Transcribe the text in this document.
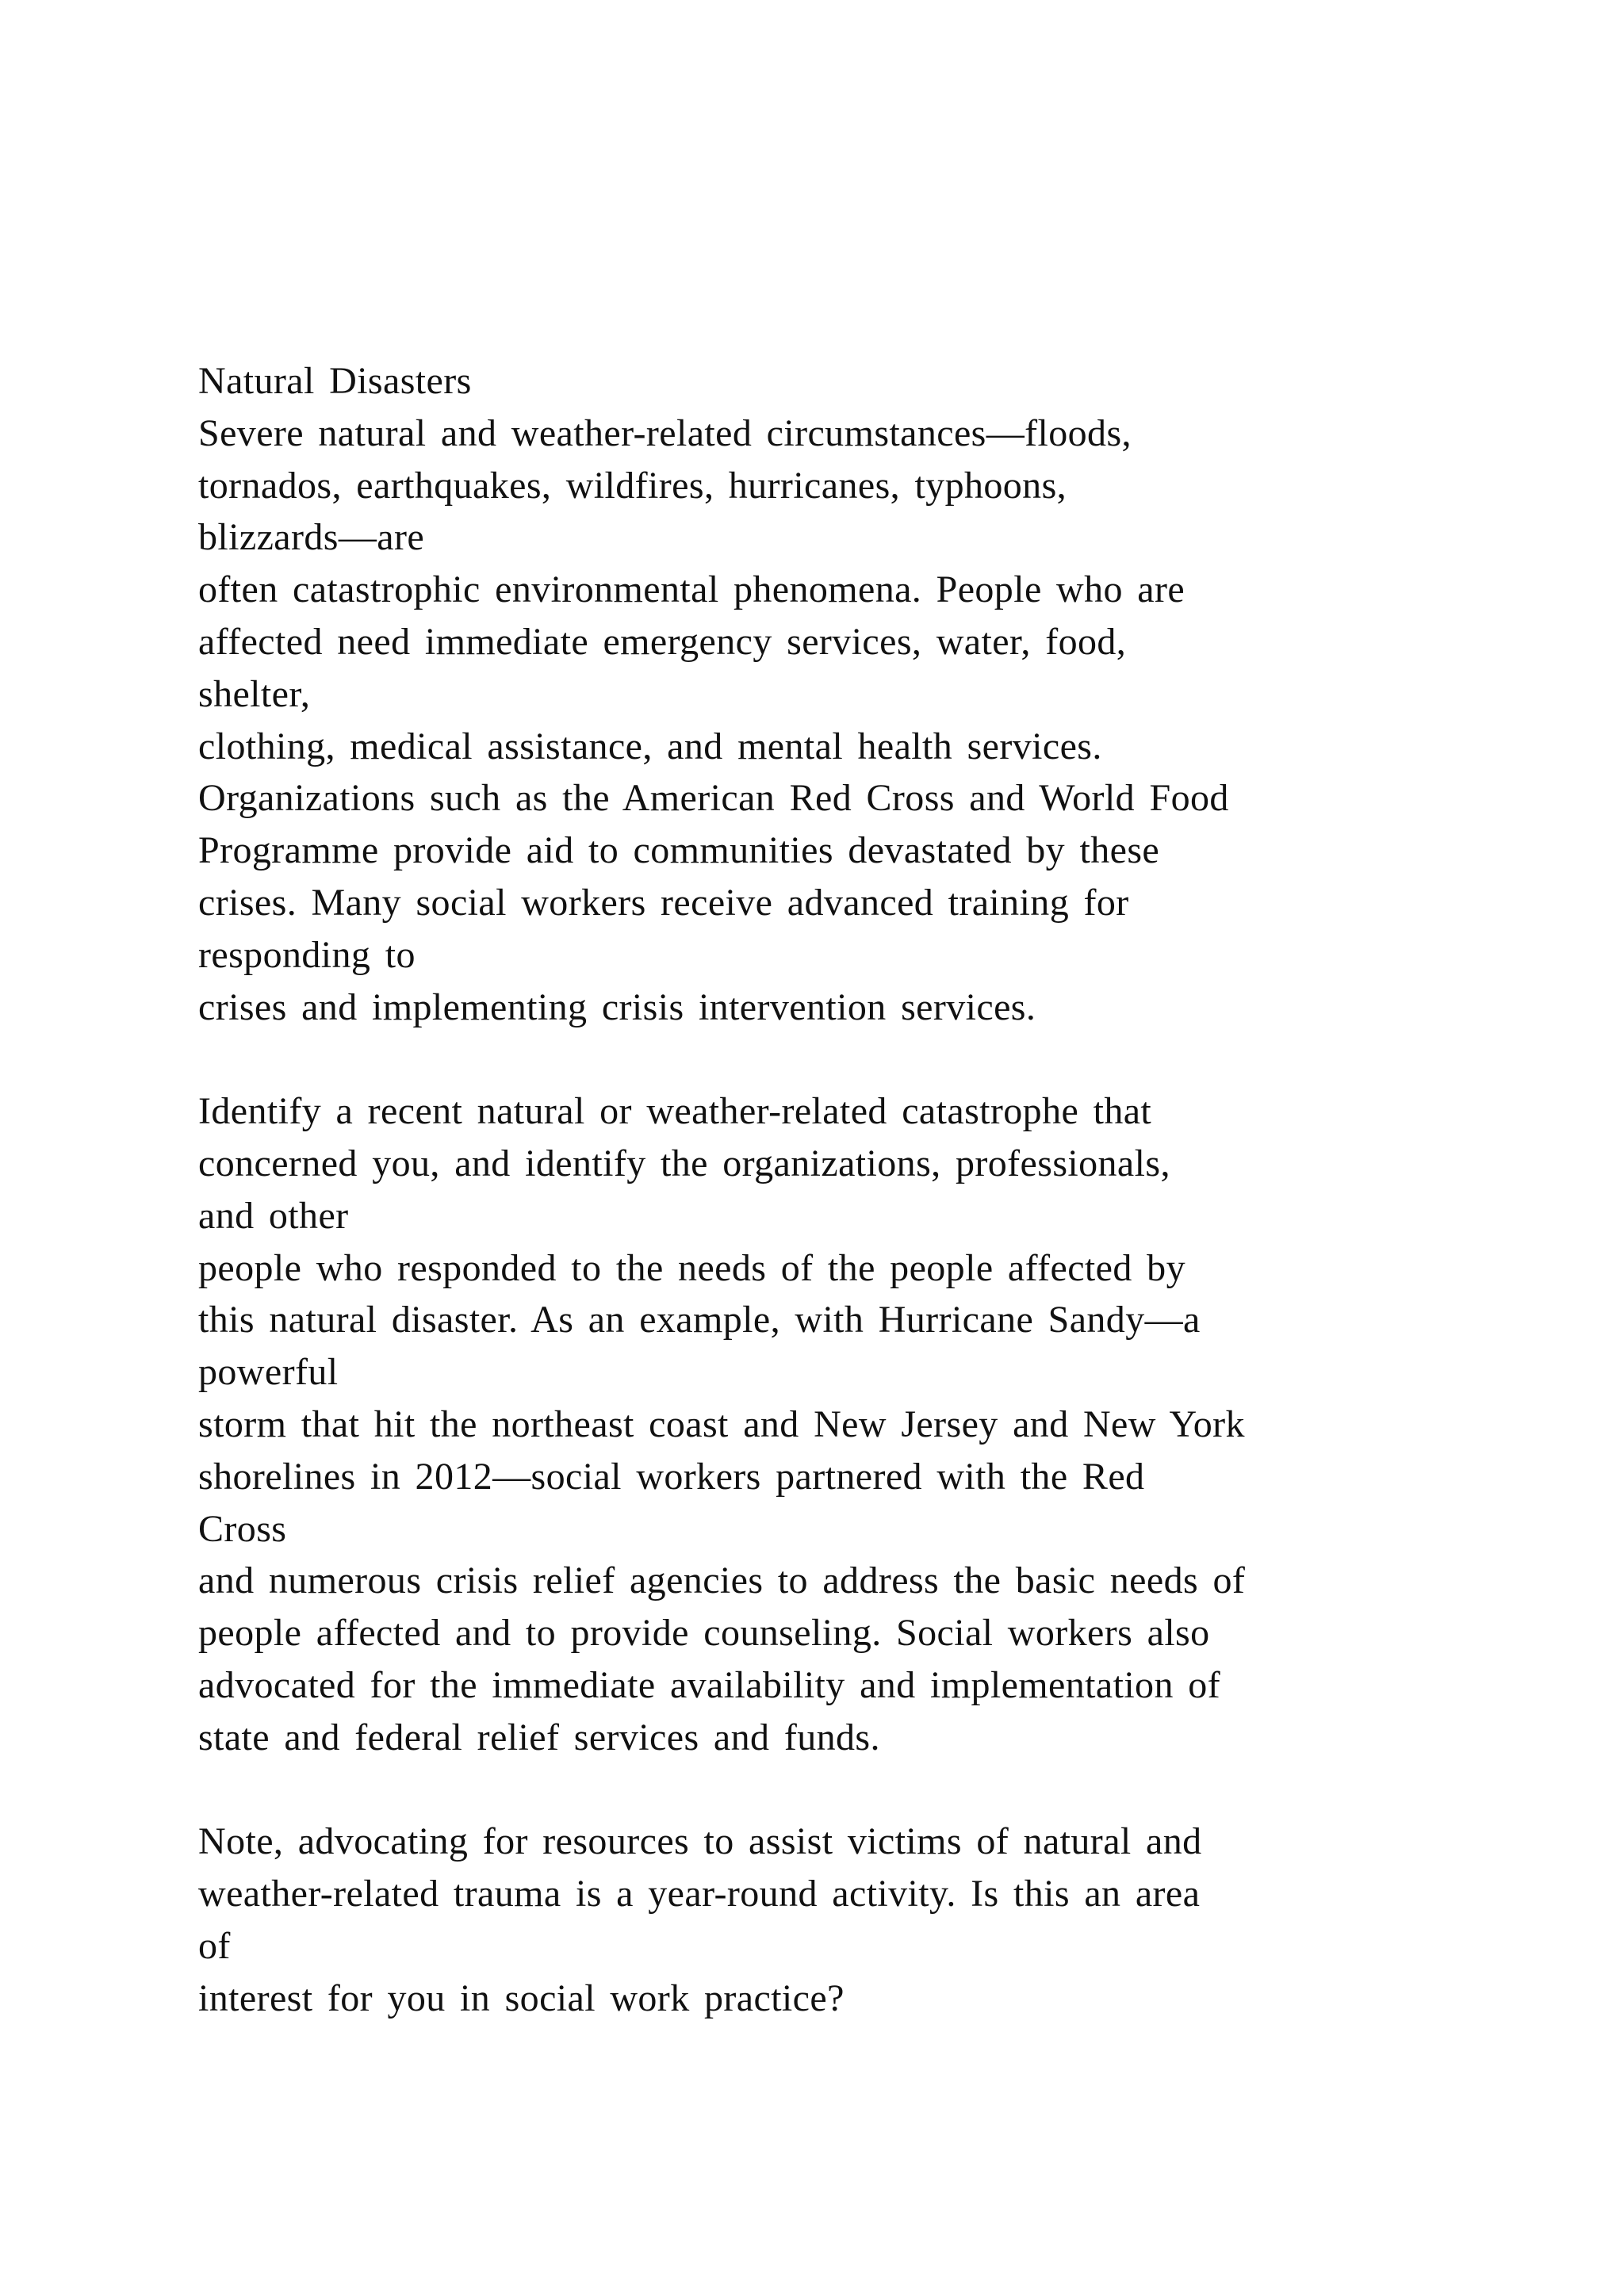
Natural Disasters
Severe natural and weather-related circumstances—floods,
tornados, earthquakes, wildfires, hurricanes, typhoons,
blizzards—are
often catastrophic environmental phenomena. People who are
affected need immediate emergency services, water, food,
shelter,
clothing, medical assistance, and mental health services.
Organizations such as the American Red Cross and World Food
Programme provide aid to communities devastated by these
crises. Many social workers receive advanced training for
responding to
crises and implementing crisis intervention services.
Identify a recent natural or weather-related catastrophe that
concerned you, and identify the organizations, professionals,
and other
people who responded to the needs of the people affected by
this natural disaster. As an example, with Hurricane Sandy—a
powerful
storm that hit the northeast coast and New Jersey and New York
shorelines in 2012—social workers partnered with the Red
Cross
and numerous crisis relief agencies to address the basic needs of
people affected and to provide counseling. Social workers also
advocated for the immediate availability and implementation of
state and federal relief services and funds.
Note, advocating for resources to assist victims of natural and
weather-related trauma is a year-round activity. Is this an area
of
interest for you in social work practice?
